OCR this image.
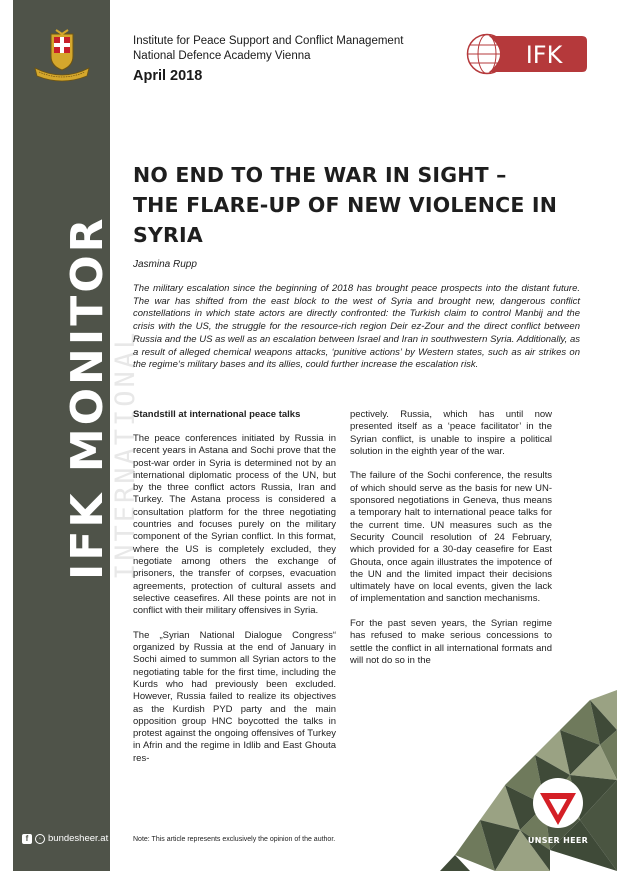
IFK MONITOR
INTERNATIONAL
f	◦ bundesheer.at
Institute for Peace Support and Conflict Management
National Defence Academy Vienna
April 2018
IFK
NO END TO THE WAR IN SIGHT –
THE FLARE-UP OF NEW VIOLENCE IN
SYRIA
Jasmina Rupp

The military escalation since the beginning of 2018 has brought peace prospects into the distant future. The war has shifted from the east block to the west of Syria and brought new, dangerous conflict constellations in which state actors are directly confronted: the Turkish claim to control Manbij and the crisis with the US, the struggle for the resource-rich region Deir ez-Zour and the direct conflict between Russia and the US as well as an escalation between Israel and Iran in southwestern Syria. Additionally, as a result of alleged chemical weapons attacks, ‘punitive actions’ by Western states, such as air strikes on the regime‘s military bases and its allies, could further increase the escalation risk.

Standstill at international peace talks

The peace conferences initiated by Russia in recent years in Astana and Sochi prove that the post-war order in Syria is determined not by an international diplomatic process of the UN, but by the three conflict actors Russia, Iran and Turkey. The Astana process is considered a consultation platform for the three negotiating countries and focuses purely on the military component of the Syrian conflict. In this format, where the US is completely excluded, they negotiate among others the exchange of prisoners, the transfer of corpses, evacuation agreements, protection of cultural assets and selective ceasefires. All these points are not in conflict with their military offensives in Syria.

The „Syrian National Dialogue Congress“ organized by Russia at the end of January in Sochi aimed to summon all Syrian actors to the negotiating table for the first time, including the Kurds who had previously been excluded. However, Russia failed to realize its objectives as the Kurdish PYD party and the main opposition group HNC boycotted the talks in protest against the ongoing offensives of Turkey in Afrin and the regime in Idlib and East Ghouta res-

pectively. Russia, which has until now presented itself as a ‘peace facilitator’ in the Syrian conflict, is unable to inspire a political solution in the eighth year of the war.

The failure of the Sochi conference, the results of which should serve as the basis for new UN-sponsored negotiations in Geneva, thus means a temporary halt to international peace talks for the current time. UN measures such as the Security Council resolution of 24 February, which provided for a 30-day ceasefire for East Ghouta, once again illustrates the impotence of the UN and the limited impact their decisions ultimately have on local events, given the lack of implementation and sanction mechanisms.

For the past seven years, the Syrian regime has refused to make serious concessions to settle the conflict in all international formats and will not do so in the

UNSER HEER
Note: This article represents exclusively the opinion of the author.
